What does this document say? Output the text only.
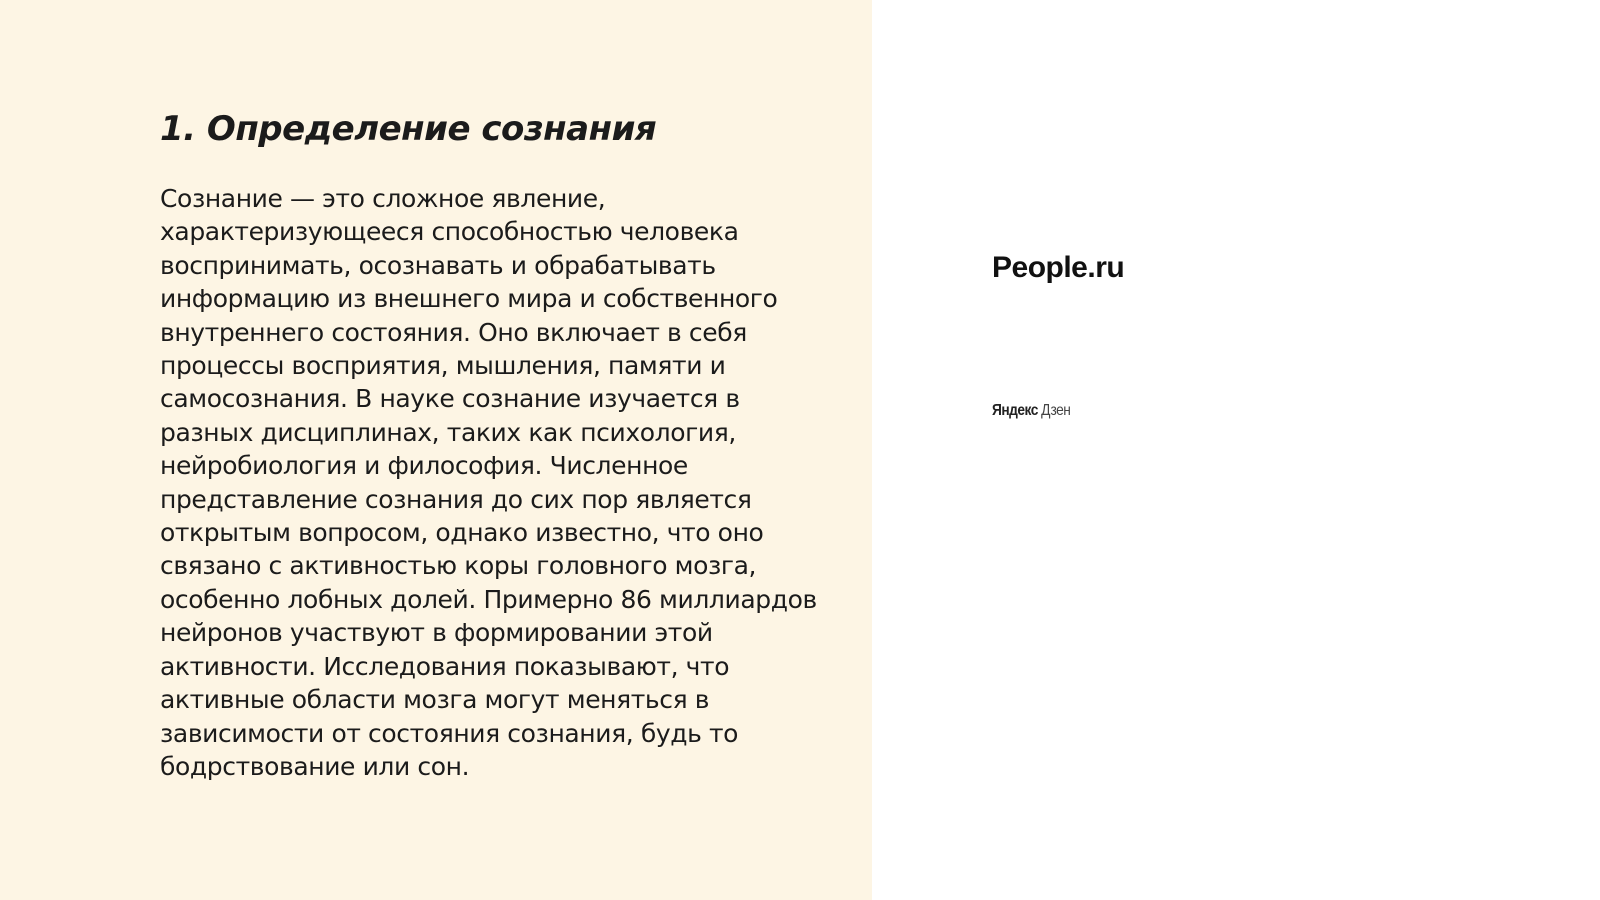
1. Определение сознания

Сознание — это сложное явление, характеризующееся способностью человека воспринимать, осознавать и обрабатывать информацию из внешнего мира и собственного внутреннего состояния. Оно включает в себя процессы восприятия, мышления, памяти и самосознания. В науке сознание изучается в разных дисциплинах, таких как психология, нейробиология и философия. Численное представление сознания до сих пор является открытым вопросом, однако известно, что оно связано с активностью коры головного мозга, особенно лобных долей. Примерно 86 миллиардов нейронов участвуют в формировании этой активности. Исследования показывают, что активные области мозга могут меняться в зависимости от состояния сознания, будь то бодрствование или сон.

People.ru
Яндекс Дзен
